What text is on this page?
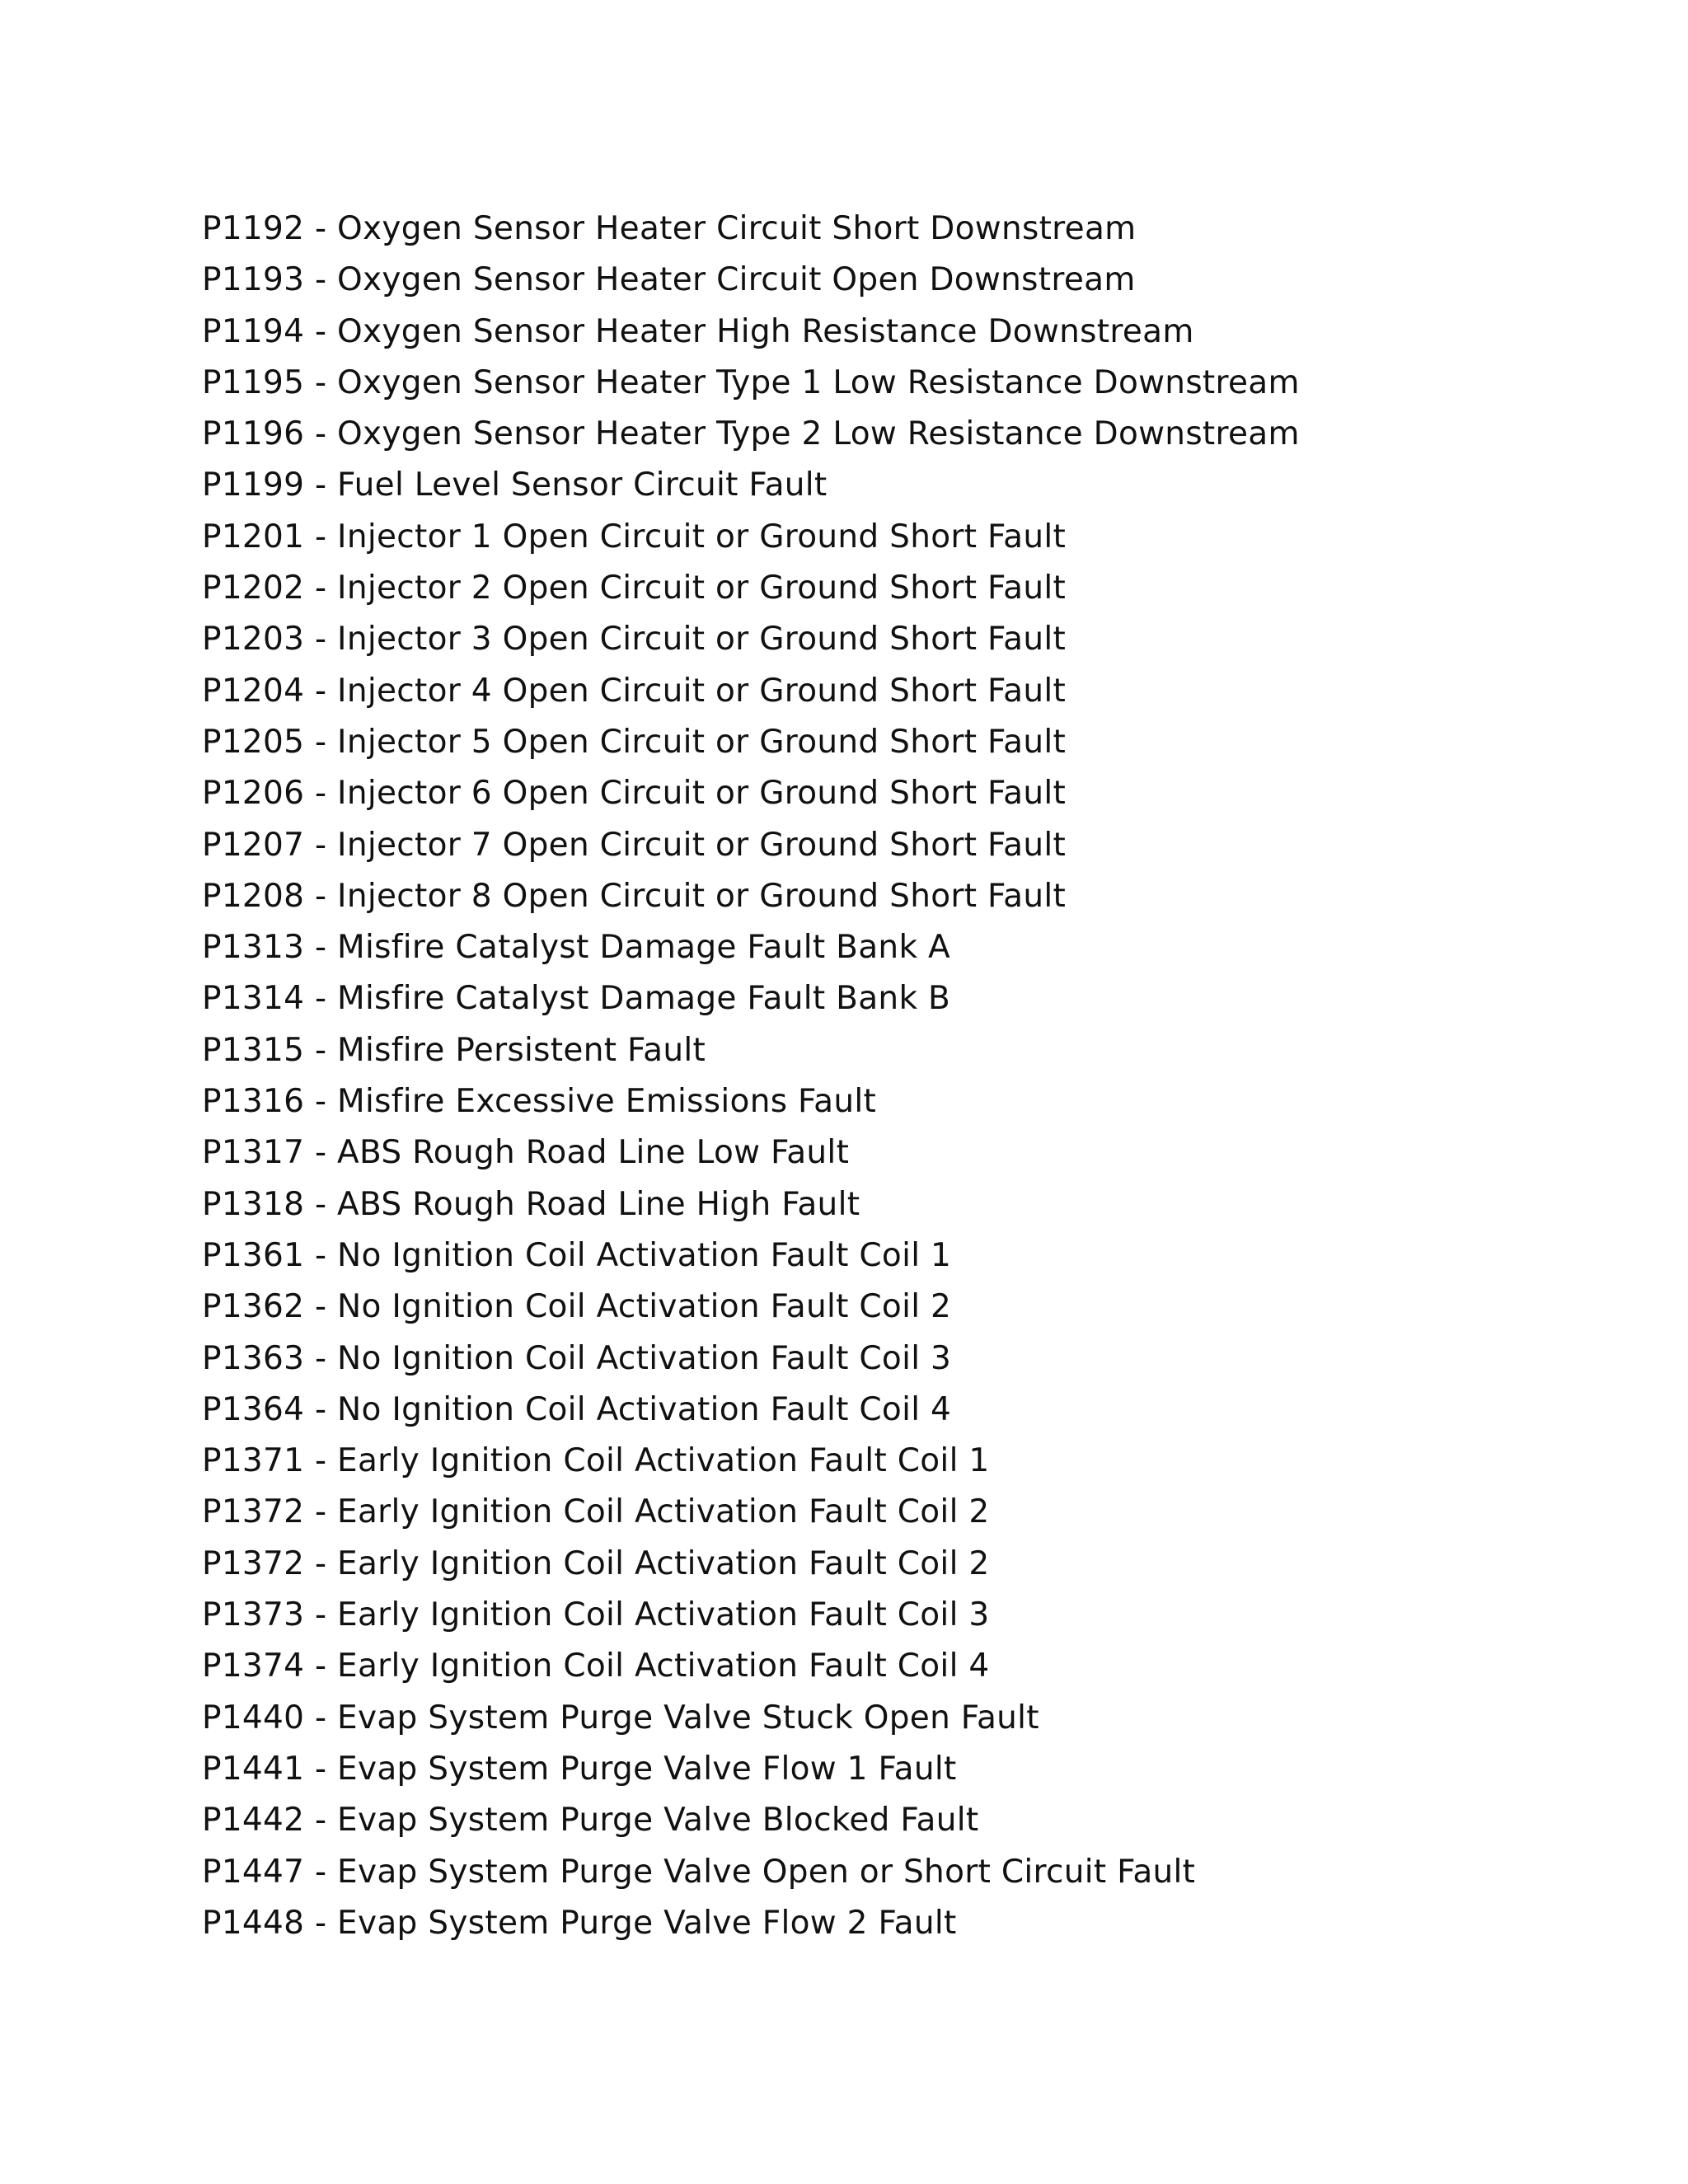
P1192 - Oxygen Sensor Heater Circuit Short Downstream
P1193 - Oxygen Sensor Heater Circuit Open Downstream
P1194 - Oxygen Sensor Heater High Resistance Downstream
P1195 - Oxygen Sensor Heater Type 1 Low Resistance Downstream
P1196 - Oxygen Sensor Heater Type 2 Low Resistance Downstream
P1199 - Fuel Level Sensor Circuit Fault
P1201 - Injector 1 Open Circuit or Ground Short Fault
P1202 - Injector 2 Open Circuit or Ground Short Fault
P1203 - Injector 3 Open Circuit or Ground Short Fault
P1204 - Injector 4 Open Circuit or Ground Short Fault
P1205 - Injector 5 Open Circuit or Ground Short Fault
P1206 - Injector 6 Open Circuit or Ground Short Fault
P1207 - Injector 7 Open Circuit or Ground Short Fault
P1208 - Injector 8 Open Circuit or Ground Short Fault
P1313 - Misfire Catalyst Damage Fault Bank A
P1314 - Misfire Catalyst Damage Fault Bank B
P1315 - Misfire Persistent Fault
P1316 - Misfire Excessive Emissions Fault
P1317 - ABS Rough Road Line Low Fault
P1318 - ABS Rough Road Line High Fault
P1361 - No Ignition Coil Activation Fault Coil 1
P1362 - No Ignition Coil Activation Fault Coil 2
P1363 - No Ignition Coil Activation Fault Coil 3
P1364 - No Ignition Coil Activation Fault Coil 4
P1371 - Early Ignition Coil Activation Fault Coil 1
P1372 - Early Ignition Coil Activation Fault Coil 2
P1372 - Early Ignition Coil Activation Fault Coil 2
P1373 - Early Ignition Coil Activation Fault Coil 3
P1374 - Early Ignition Coil Activation Fault Coil 4
P1440 - Evap System Purge Valve Stuck Open Fault
P1441 - Evap System Purge Valve Flow 1 Fault
P1442 - Evap System Purge Valve Blocked Fault
P1447 - Evap System Purge Valve Open or Short Circuit Fault
P1448 - Evap System Purge Valve Flow 2 Fault
